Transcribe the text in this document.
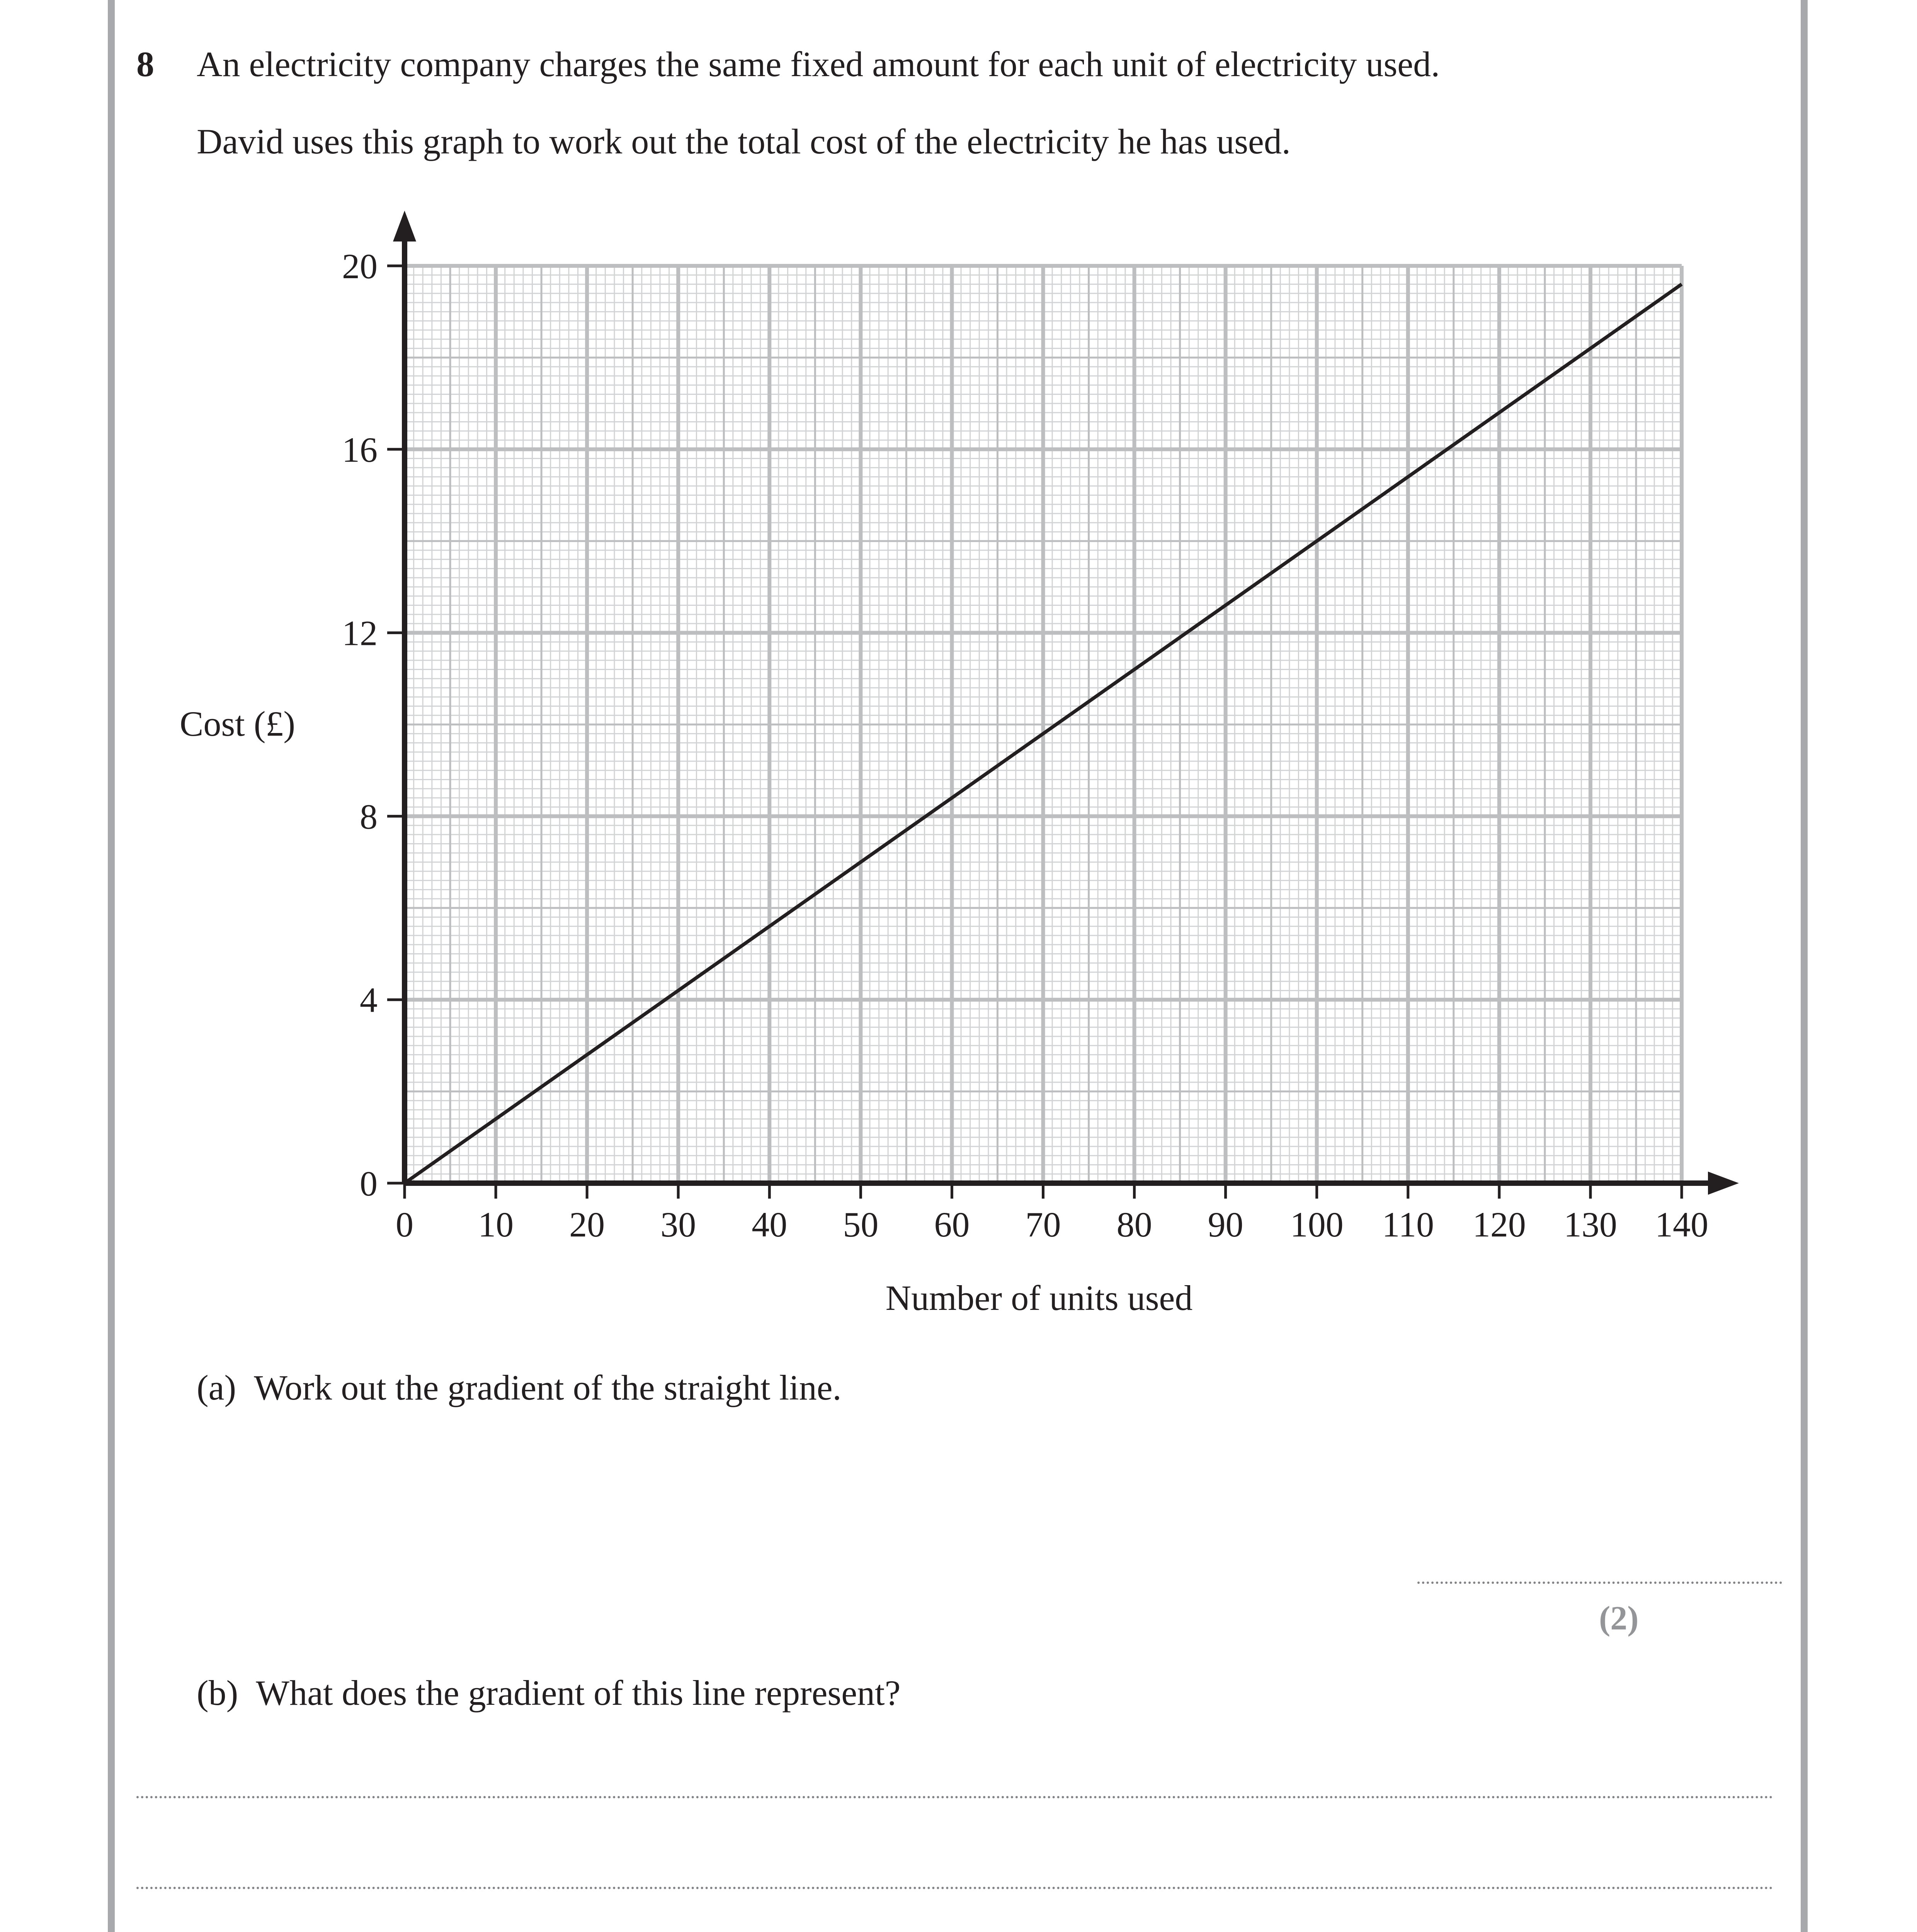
8 An electricity company charges the same fixed amount for each unit of electricity used.
David uses this graph to work out the total cost of the electricity he has used.
0 10 20 30 40 50 60 70 80 90 100 110 120 130 140
0
4
8
12
16
20
Number of units used
Cost (£)
(a) Work out the gradient of the straight line.
(2)
(b) What does the gradient of this line represent?
